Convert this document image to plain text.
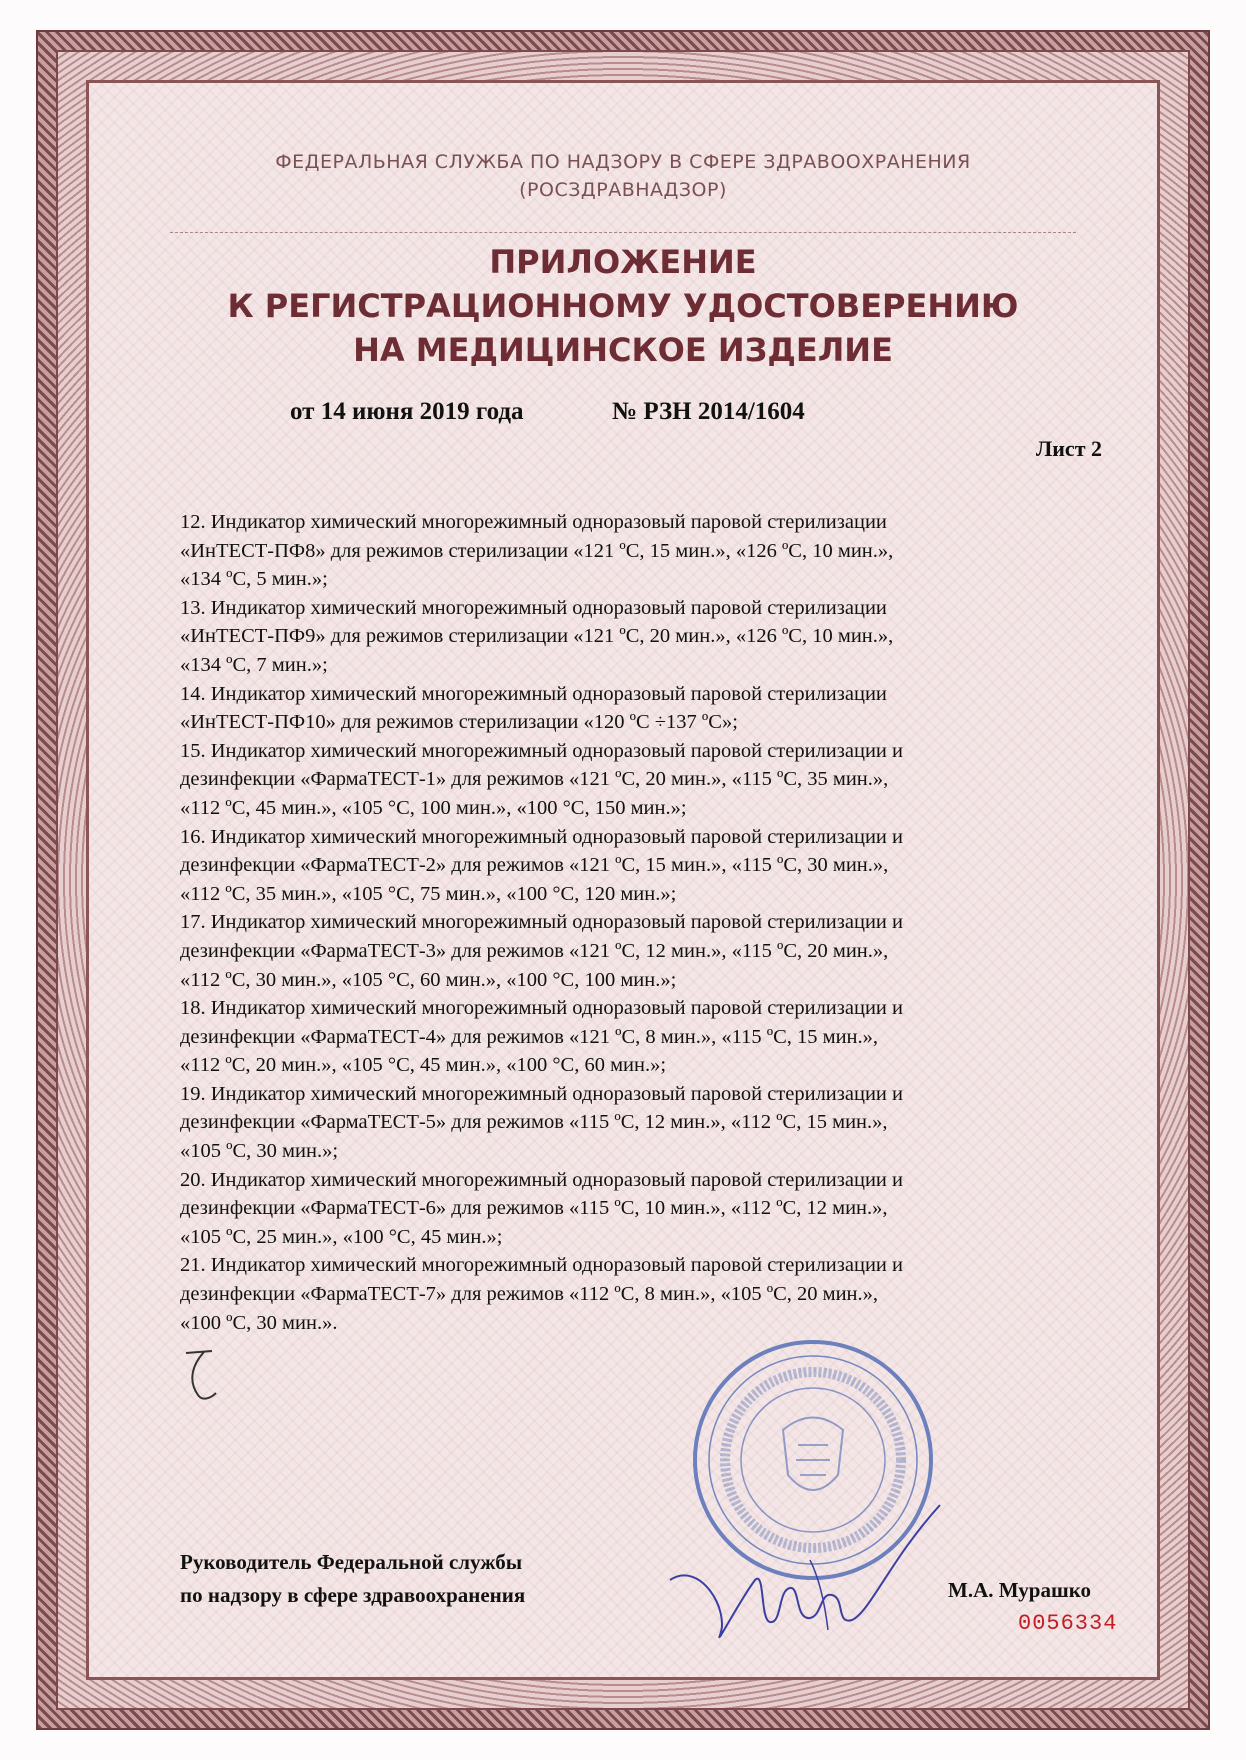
ФЕДЕРАЛЬНАЯ СЛУЖБА ПО НАДЗОРУ В СФЕРЕ ЗДРАВООХРАНЕНИЯ
(РОСЗДРАВНАДЗОР)
ПРИЛОЖЕНИЕ
К РЕГИСТРАЦИОННОМУ УДОСТОВЕРЕНИЮ
НА МЕДИЦИНСКОЕ ИЗДЕЛИЕ
от 14 июня 2019 года	№ РЗН 2014/1604
Лист 2

12. Индикатор химический многорежимный одноразовый паровой стерилизации

«ИнТЕСТ-ПФ8» для режимов стерилизации «121 ºС, 15 мин.», «126 ºС, 10 мин.»,

«134 ºС, 5 мин.»;

13. Индикатор химический многорежимный одноразовый паровой стерилизации

«ИнТЕСТ-ПФ9» для режимов стерилизации «121 ºС, 20 мин.», «126 ºС, 10 мин.»,

«134 ºС, 7 мин.»;

14. Индикатор химический многорежимный одноразовый паровой стерилизации

«ИнТЕСТ-ПФ10» для режимов стерилизации «120 ºС ÷137 ºС»;

15. Индикатор химический многорежимный одноразовый паровой стерилизации и

дезинфекции «ФармаТЕСТ-1» для режимов «121 ºС, 20 мин.», «115 ºС, 35 мин.»,

«112 ºС, 45 мин.», «105 °С, 100 мин.», «100 °С, 150 мин.»;

16. Индикатор химический многорежимный одноразовый паровой стерилизации и

дезинфекции «ФармаТЕСТ-2» для режимов «121 ºС, 15 мин.», «115 ºС, 30 мин.»,

«112 ºС, 35 мин.», «105 °С, 75 мин.», «100 °С, 120 мин.»;

17. Индикатор химический многорежимный одноразовый паровой стерилизации и

дезинфекции «ФармаТЕСТ-3» для режимов «121 ºС, 12 мин.», «115 ºС, 20 мин.»,

«112 ºС, 30 мин.», «105 °С, 60 мин.», «100 °С, 100 мин.»;

18. Индикатор химический многорежимный одноразовый паровой стерилизации и

дезинфекции «ФармаТЕСТ-4» для режимов «121 ºС, 8 мин.», «115 ºС, 15 мин.»,

«112 ºС, 20 мин.», «105 °С, 45 мин.», «100 °С, 60 мин.»;

19. Индикатор химический многорежимный одноразовый паровой стерилизации и

дезинфекции «ФармаТЕСТ-5» для режимов «115 ºС, 12 мин.», «112 ºС, 15 мин.»,

«105 ºС, 30 мин.»;

20. Индикатор химический многорежимный одноразовый паровой стерилизации и

дезинфекции «ФармаТЕСТ-6» для режимов «115 ºС, 10 мин.», «112 ºС, 12 мин.»,

«105 ºС, 25 мин.», «100 °С, 45 мин.»;

21. Индикатор химический многорежимный одноразовый паровой стерилизации и

дезинфекции «ФармаТЕСТ-7» для режимов «112 ºС, 8 мин.», «105 ºС, 20 мин.»,

«100 ºС, 30 мин.».

Руководитель Федеральной службы
по надзору в сфере здравоохранения	М.А. Мурашко
0056334
